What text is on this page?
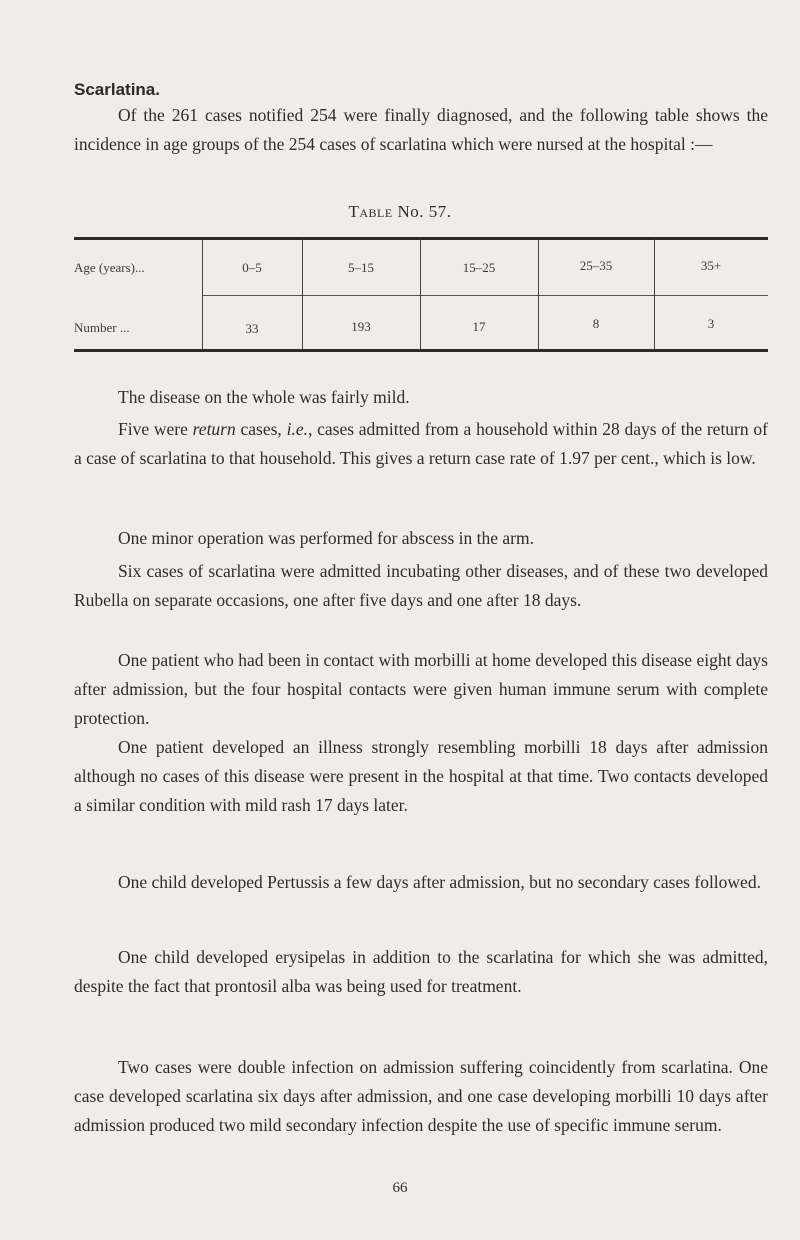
Scarlatina.

Of the 261 cases notified 254 were finally diagnosed, and the following table shows the incidence in age groups of the 254 cases of scarlatina which were nursed at the hospital :—

Table No. 57.
Age (years)...	0–5	5–15	15–25	25–35	35+
Number ...	33	193	17	8	3

The disease on the whole was fairly mild.

Five were return cases, i.e., cases admitted from a household within 28 days of the return of a case of scarlatina to that household. This gives a return case rate of 1.97 per cent., which is low.

One minor operation was performed for abscess in the arm.

Six cases of scarlatina were admitted incubating other diseases, and of these two developed Rubella on separate occasions, one after five days and one after 18 days.

One patient who had been in contact with morbilli at home developed this disease eight days after admission, but the four hospital contacts were given human immune serum with complete protection.

One patient developed an illness strongly resembling morbilli 18 days after admission although no cases of this disease were present in the hospital at that time. Two contacts developed a similar condition with mild rash 17 days later.

One child developed Pertussis a few days after admission, but no secondary cases followed.

One child developed erysipelas in addition to the scarlatina for which she was admitted, despite the fact that prontosil alba was being used for treatment.

Two cases were double infection on admission suffering coincidently from scarlatina. One case developed scarlatina six days after admission, and one case developing morbilli 10 days after admission produced two mild secondary infection despite the use of specific immune serum.

66
